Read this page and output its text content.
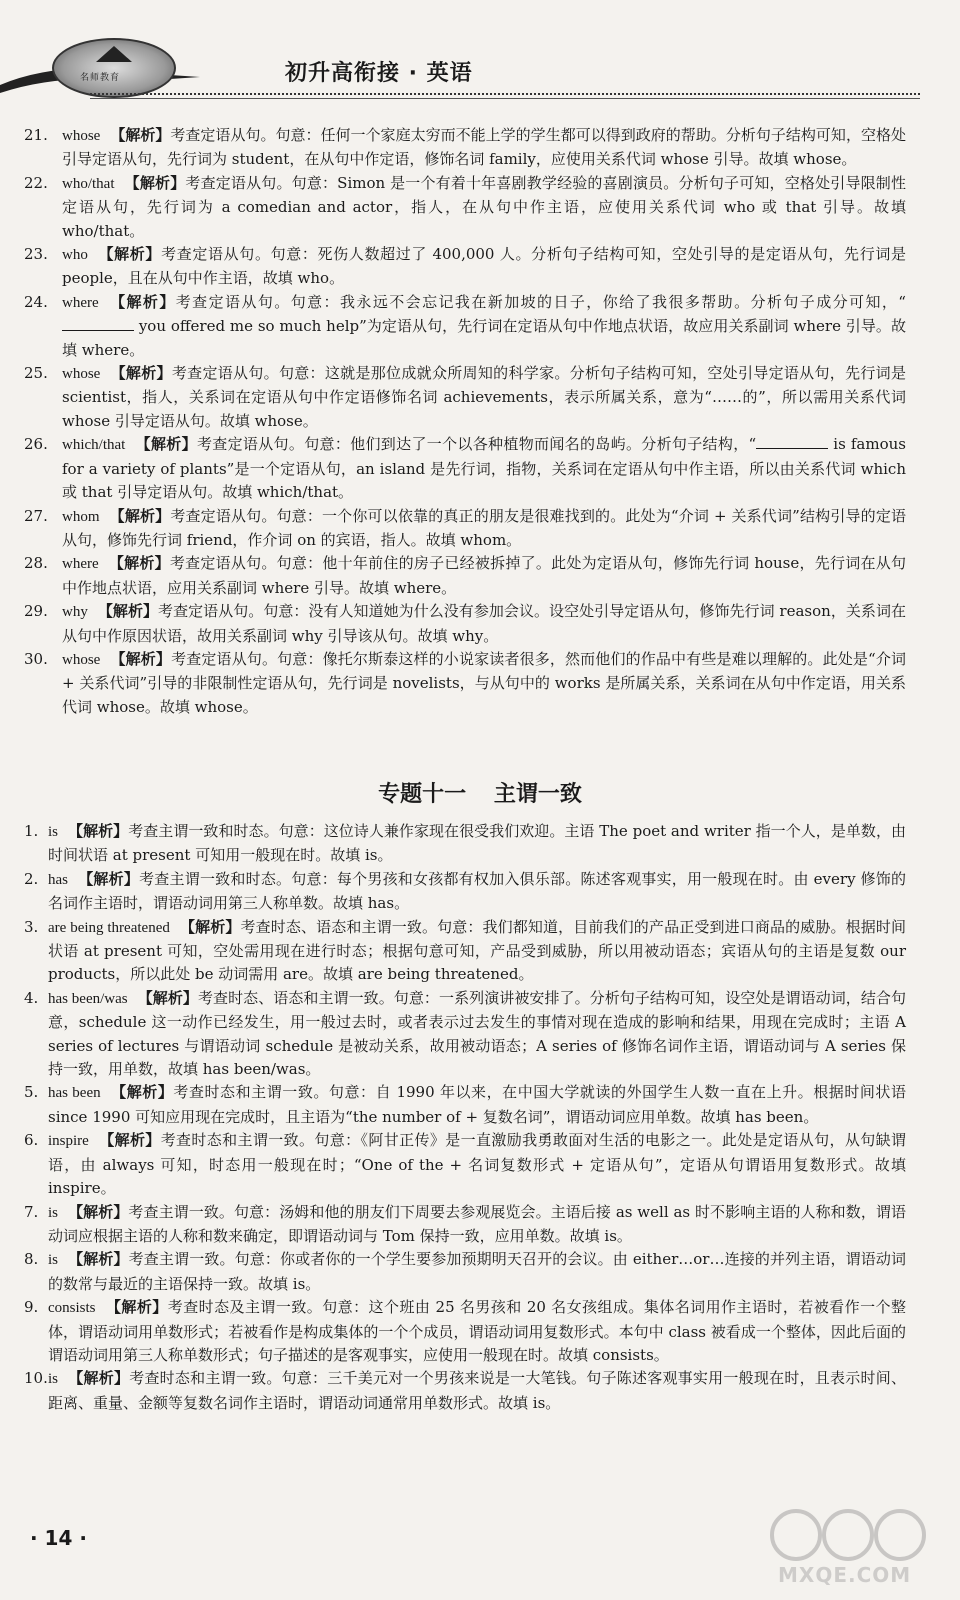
名师教育	初升高衔接 · 英语

21. whose 【解析】考查定语从句。句意：任何一个家庭太穷而不能上学的学生都可以得到政府的帮助。分析句子结构可知，空格处引导定语从句，先行词为 student，在从句中作定语，修饰名词 family，应使用关系代词 whose 引导。故填 whose。

22. who/that 【解析】考查定语从句。句意：Simon 是一个有着十年喜剧教学经验的喜剧演员。分析句子可知，空格处引导限制性定语从句，先行词为 a comedian and actor，指人，在从句中作主语，应使用关系代词 who 或 that 引导。故填 who/that。

23. who 【解析】考查定语从句。句意：死伤人数超过了 400,000 人。分析句子结构可知，空处引导的是定语从句，先行词是 people，且在从句中作主语，故填 who。

24. where 【解析】考查定语从句。句意：我永远不会忘记我在新加坡的日子，你给了我很多帮助。分析句子成分可知，“ you offered me so much help”为定语从句，先行词在定语从句中作地点状语，故应用关系副词 where 引导。故填 where。

25. whose 【解析】考查定语从句。句意：这就是那位成就众所周知的科学家。分析句子结构可知，空处引导定语从句，先行词是 scientist，指人，关系词在定语从句中作定语修饰名词 achievements，表示所属关系，意为“……的”，所以需用关系代词 whose 引导定语从句。故填 whose。

26. which/that 【解析】考查定语从句。句意：他们到达了一个以各种植物而闻名的岛屿。分析句子结构，“	is famous for a variety of plants”是一个定语从句，an island 是先行词，指物，关系词在定语从句中作主语，所以由关系代词 which 或 that 引导定语从句。故填 which/that。

27. whom 【解析】考查定语从句。句意：一个你可以依靠的真正的朋友是很难找到的。此处为“介词 + 关系代词”结构引导的定语从句，修饰先行词 friend，作介词 on 的宾语，指人。故填 whom。

28. where 【解析】考查定语从句。句意：他十年前住的房子已经被拆掉了。此处为定语从句，修饰先行词 house，先行词在从句中作地点状语，应用关系副词 where 引导。故填 where。

29. why 【解析】考查定语从句。句意：没有人知道她为什么没有参加会议。设空处引导定语从句，修饰先行词 reason，关系词在从句中作原因状语，故用关系副词 why 引导该从句。故填 why。

30. whose 【解析】考查定语从句。句意：像托尔斯泰这样的小说家读者很多，然而他们的作品中有些是难以理解的。此处是“介词 + 关系代词”引导的非限制性定语从句，先行词是 novelists，与从句中的 works 是所属关系，关系词在从句中作定语，用关系代词 whose。故填 whose。

专题十一 主谓一致

1. is 【解析】考查主谓一致和时态。句意：这位诗人兼作家现在很受我们欢迎。主语 The poet and writer 指一个人，是单数，由时间状语 at present 可知用一般现在时。故填 is。

2. has 【解析】考查主谓一致和时态。句意：每个男孩和女孩都有权加入俱乐部。陈述客观事实，用一般现在时。由 every 修饰的名词作主语时，谓语动词用第三人称单数。故填 has。

3. are being threatened 【解析】考查时态、语态和主谓一致。句意：我们都知道，目前我们的产品正受到进口商品的威胁。根据时间状语 at present 可知，空处需用现在进行时态；根据句意可知，产品受到威胁，所以用被动语态；宾语从句的主语是复数 our products，所以此处 be 动词需用 are。故填 are being threatened。

4. has been/was 【解析】考查时态、语态和主谓一致。句意：一系列演讲被安排了。分析句子结构可知，设空处是谓语动词，结合句意，schedule 这一动作已经发生，用一般过去时，或者表示过去发生的事情对现在造成的影响和结果，用现在完成时；主语 A series of lectures 与谓语动词 schedule 是被动关系，故用被动语态；A series of 修饰名词作主语，谓语动词与 A series 保持一致，用单数，故填 has been/was。

5. has been 【解析】考查时态和主谓一致。句意：自 1990 年以来，在中国大学就读的外国学生人数一直在上升。根据时间状语 since 1990 可知应用现在完成时，且主语为“the number of + 复数名词”，谓语动词应用单数。故填 has been。

6. inspire 【解析】考查时态和主谓一致。句意：《阿甘正传》是一直激励我勇敢面对生活的电影之一。此处是定语从句，从句缺谓语，由 always 可知，时态用一般现在时；“One of the + 名词复数形式 + 定语从句”，定语从句谓语用复数形式。故填 inspire。

7. is 【解析】考查主谓一致。句意：汤姆和他的朋友们下周要去参观展览会。主语后接 as well as 时不影响主语的人称和数，谓语动词应根据主语的人称和数来确定，即谓语动词与 Tom 保持一致，应用单数。故填 is。

8. is 【解析】考查主谓一致。句意：你或者你的一个学生要参加预期明天召开的会议。由 either…or…连接的并列主语，谓语动词的数常与最近的主语保持一致。故填 is。

9. consists 【解析】考查时态及主谓一致。句意：这个班由 25 名男孩和 20 名女孩组成。集体名词用作主语时，若被看作一个整体，谓语动词用单数形式；若被看作是构成集体的一个个成员，谓语动词用复数形式。本句中 class 被看成一个整体，因此后面的谓语动词用第三人称单数形式；句子描述的是客观事实，应使用一般现在时。故填 consists。

10. is 【解析】考查时态和主谓一致。句意：三千美元对一个男孩来说是一大笔钱。句子陈述客观事实用一般现在时，且表示时间、距离、重量、金额等复数名词作主语时，谓语动词通常用单数形式。故填 is。

· 14 ·
MXQE.COM
